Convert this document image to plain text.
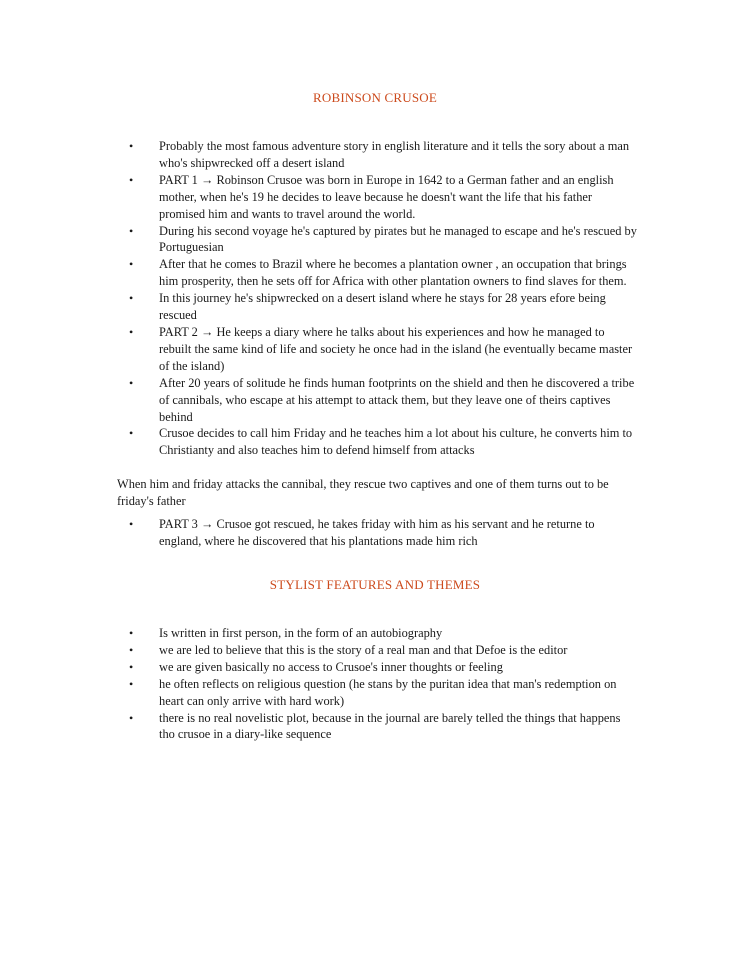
ROBINSON CRUSOE
• Probably the most famous adventure story in english literature and it tells the sory about a man who's shipwrecked off a desert island
• PART 1 → Robinson Crusoe was born in Europe in 1642 to a German father and an english mother, when he's 19 he decides to leave because he doesn't want the life that his father promised him and wants to travel around the world.
• During his second voyage he's captured by pirates but he managed to escape and he's rescued by Portuguesian
• After that he comes to Brazil where he becomes a plantation owner , an occupation that brings him prosperity, then he sets off for Africa with other plantation owners to find slaves for them.
• In this journey he's shipwrecked on a desert island where he stays for 28 years efore being rescued
• PART 2 → He keeps a diary where he talks about his experiences and how he managed to rebuilt the same kind of life and society he once had in the island (he eventually became master of the island)
• After 20 years of solitude he finds human footprints on the shield and then he discovered a tribe of cannibals, who escape at his attempt to attack them, but they leave one of theirs captives behind
• Crusoe decides to call him Friday and he teaches him a lot about his culture, he converts him to Christianty and also teaches him to defend himself from attacks

When him and friday attacks the cannibal, they rescue two captives and one of them turns out to be friday's father

• PART 3 → Crusoe got rescued, he takes friday with him as his servant and he returne to england, where he discovered that his plantations made him rich
STYLIST FEATURES AND THEMES
• Is written in first person, in the form of an autobiography
• we are led to believe that this is the story of a real man and that Defoe is the editor
• we are given basically no access to Crusoe's inner thoughts or feeling
• he often reflects on religious question (he stans by the puritan idea that man's redemption on heart can only arrive with hard work)
• there is no real novelistic plot, because in the journal are barely telled the things that happens tho crusoe in a diary-like sequence
